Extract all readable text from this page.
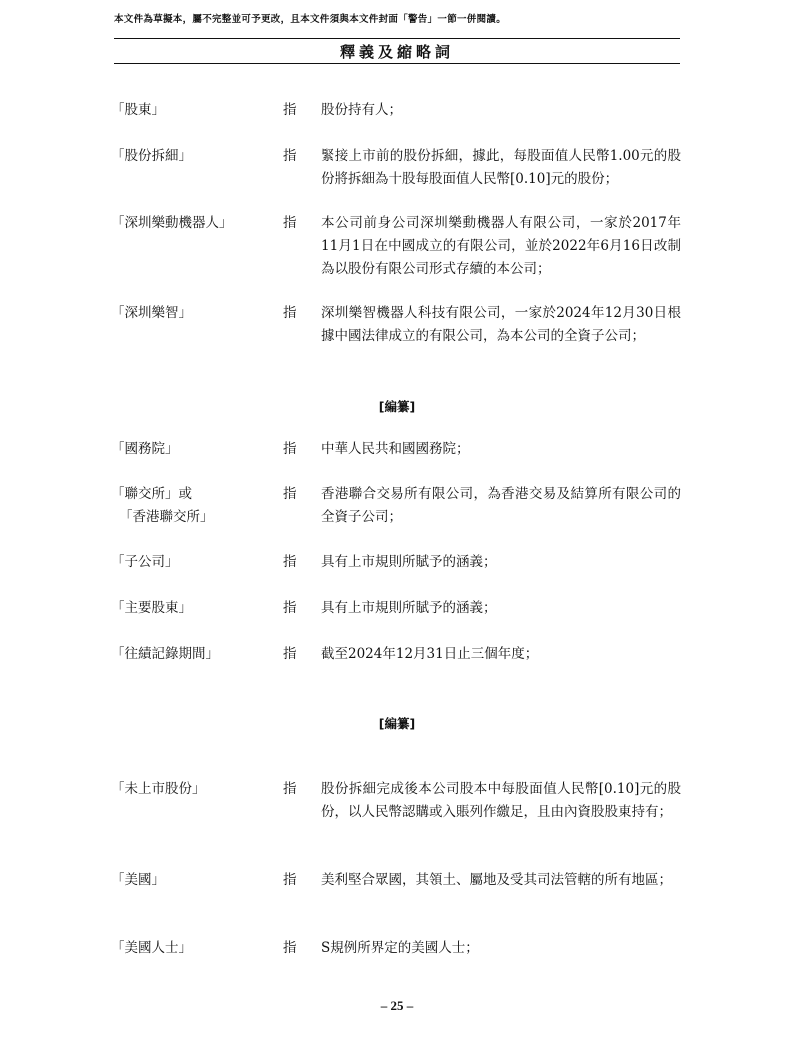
本文件為草擬本，屬不完整並可予更改，且本文件須與本文件封面「警告」一節一併閱讀。
釋義及縮略詞
「股東」	指	股份持有人；
「股份拆細」	指	緊接上市前的股份拆細，據此，每股面值人民幣1.00元的股份將拆細為十股每股面值人民幣[0.10]元的股份；
「深圳樂動機器人」	指	本公司前身公司深圳樂動機器人有限公司，一家於2017年11月1日在中國成立的有限公司，並於2022年6月16日改制為以股份有限公司形式存續的本公司；
「深圳樂智」	指	深圳樂智機器人科技有限公司，一家於2024年12月30日根據中國法律成立的有限公司，為本公司的全資子公司；
[編纂]
「國務院」	指	中華人民共和國國務院；
「聯交所」或
「香港聯交所」
指	香港聯合交易所有限公司，為香港交易及結算所有限公司的全資子公司；
「子公司」	指	具有上市規則所賦予的涵義；
「主要股東」	指	具有上市規則所賦予的涵義；
「往績記錄期間」	指	截至2024年12月31日止三個年度；
[編纂]
「未上市股份」	指	股份拆細完成後本公司股本中每股面值人民幣[0.10]元的股份，以人民幣認購或入賬列作繳足，且由內資股股東持有；
「美國」	指	美利堅合眾國，其領土、屬地及受其司法管轄的所有地區；
「美國人士」	指	S規例所界定的美國人士；
– 25 –
